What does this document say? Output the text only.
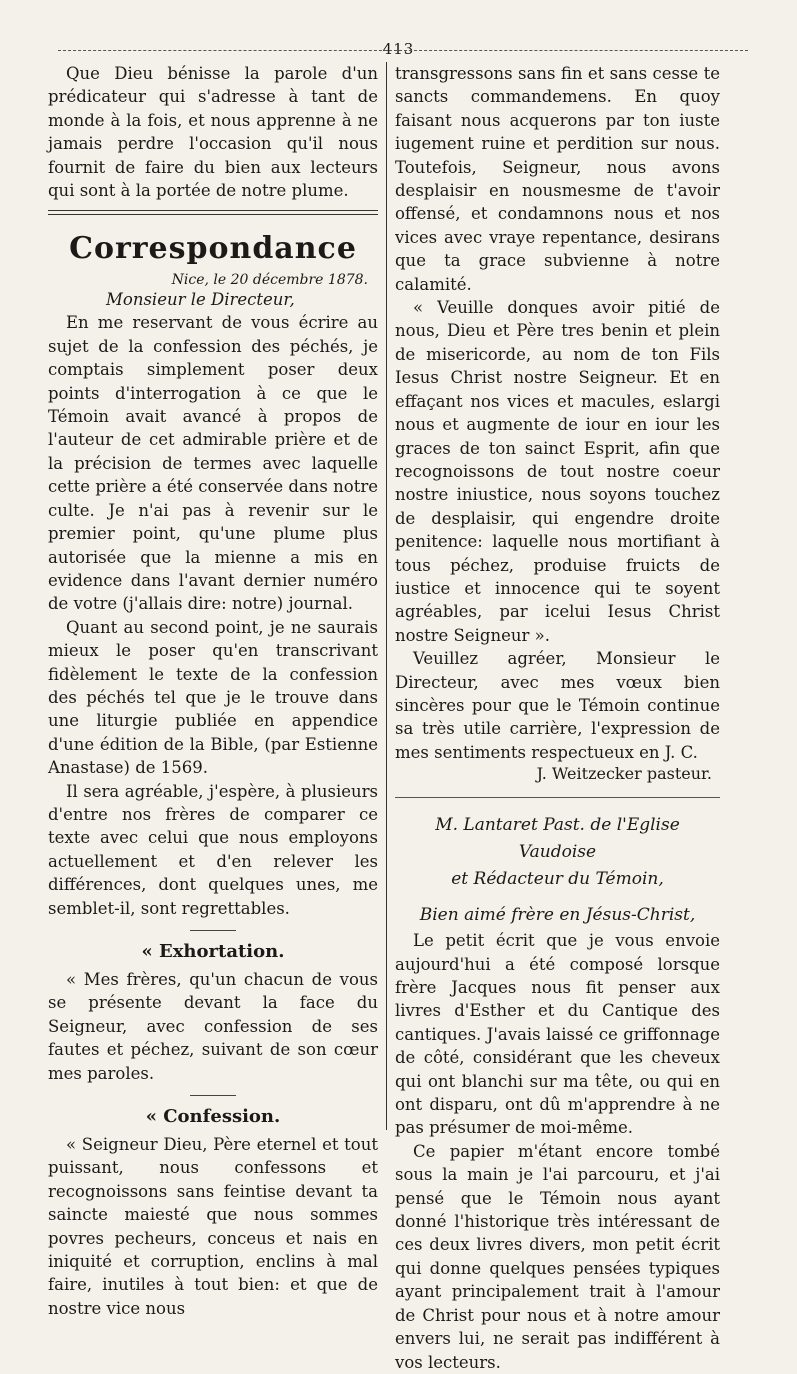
413

Que Dieu bénisse la parole d'un prédicateur qui s'adresse à tant de monde à la fois, et nous apprenne à ne jamais perdre l'occasion qu'il nous fournit de faire du bien aux lecteurs qui sont à la portée de notre plume.

Correspondance
Nice, le 20 décembre 1878.
Monsieur le Directeur,

En me reservant de vous écrire au sujet de la confession des péchés, je comptais simplement poser deux points d'interrogation à ce que le Témoin avait avancé à propos de l'auteur de cet admirable prière et de la précision de termes avec laquelle cette prière a été conservée dans notre culte. Je n'ai pas à revenir sur le premier point, qu'une plume plus autorisée que la mienne a mis en evidence dans l'avant dernier numéro de votre (j'allais dire: notre) journal.

Quant au second point, je ne saurais mieux le poser qu'en transcrivant fidèlement le texte de la confession des péchés tel que je le trouve dans une liturgie publiée en appendice d'une édition de la Bible, (par Estienne Anastase) de 1569.

Il sera agréable, j'espère, à plusieurs d'entre nos frères de comparer ce texte avec celui que nous employons actuellement et d'en relever les différences, dont quelques unes, me semblet-il, sont regrettables.

« Exhortation.

« Mes frères, qu'un chacun de vous se présente devant la face du Seigneur, avec confession de ses fautes et péchez, suivant de son cœur mes paroles.

« Confession.

« Seigneur Dieu, Père eternel et tout puissant, nous confessons et recognoissons sans feintise devant ta saincte maiesté que nous sommes povres pecheurs, conceus et nais en iniquité et corruption, enclins à mal faire, inutiles à tout bien: et que de nostre vice nous

transgressons sans fin et sans cesse te sancts commandemens. En quoy faisant nous acquerons par ton iuste iugement ruine et perdition sur nous. Toutefois, Seigneur, nous avons desplaisir en nousmesme de t'avoir offensé, et condamnons nous et nos vices avec vraye repentance, desirans que ta grace subvienne à notre calamité.

« Veuille donques avoir pitié de nous, Dieu et Père tres benin et plein de misericorde, au nom de ton Fils Iesus Christ nostre Seigneur. Et en effaçant nos vices et macules, eslargi nous et augmente de iour en iour les graces de ton sainct Esprit, afin que recognoissons de tout nostre coeur nostre iniustice, nous soyons touchez de desplaisir, qui engendre droite penitence: laquelle nous mortifiant à tous péchez, produise fruicts de iustice et innocence qui te soyent agréables, par icelui Iesus Christ nostre Seigneur ».

Veuillez agréer, Monsieur le Directeur, avec mes vœux bien sincères pour que le Témoin continue sa très utile carrière, l'expression de mes sentiments respectueux en J. C.

J. Weitzecker pasteur.
M. Lantaret Past. de l'Eglise Vaudoise
et Rédacteur du Témoin,
Bien aimé frère en Jésus-Christ,

Le petit écrit que je vous envoie aujourd'hui a été composé lorsque frère Jacques nous fit penser aux livres d'Esther et du Cantique des cantiques. J'avais laissé ce griffonnage de côté, considérant que les cheveux qui ont blanchi sur ma tête, ou qui en ont disparu, ont dû m'apprendre à ne pas présumer de moi-même.

Ce papier m'étant encore tombé sous la main je l'ai parcouru, et j'ai pensé que le Témoin nous ayant donné l'historique très intéressant de ces deux livres divers, mon petit écrit qui donne quelques pensées typiques ayant principalement trait à l'amour de Christ pour nous et à notre amour envers lui, ne serait pas indifférent à vos lecteurs.
